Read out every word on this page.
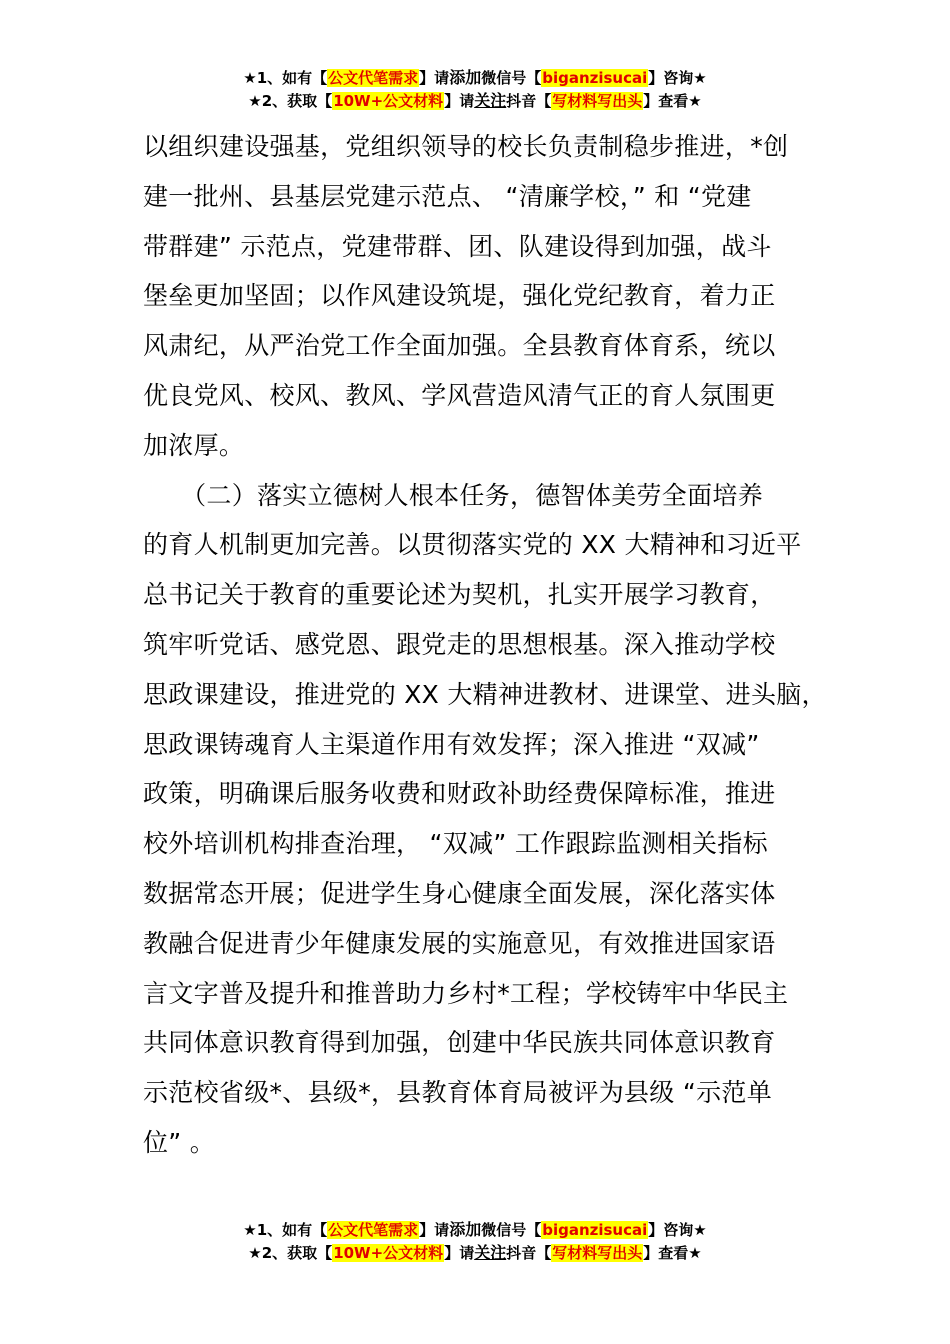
★1、如有【公文代笔需求】请添加微信号【biganzisucai】咨询★
★2、获取【10W+公文材料】请关注抖音【写材料写出头】查看★
以组织建设强基，党组织领导的校长负责制稳步推进，*创
建一批州、县基层党建示范点、 “清廉学校，” 和 “党建
带群建” 示范点，党建带群、团、队建设得到加强，战斗
堡垒更加坚固；以作风建设筑堤，强化党纪教育，着力正
风肃纪，从严治党工作全面加强。全县教育体育系，统以
优良党风、校风、教风、学风营造风清气正的育人氛围更
加浓厚。
　　（二）落实立德树人根本任务，德智体美劳全面培养
的育人机制更加完善。以贯彻落实党的 XX 大精神和习近平
总书记关于教育的重要论述为契机，扎实开展学习教育，
筑牢听党话、感党恩、跟党走的思想根基。深入推动学校
思政课建设，推进党的 XX 大精神进教材、进课堂、进头脑，
思政课铸魂育人主渠道作用有效发挥；深入推进 “双减”
政策，明确课后服务收费和财政补助经费保障标准，推进
校外培训机构排查治理， “双减” 工作跟踪监测相关指标
数据常态开展；促进学生身心健康全面发展，深化落实体
教融合促进青少年健康发展的实施意见，有效推进国家语
言文字普及提升和推普助力乡村*工程；学校铸牢中华民主
共同体意识教育得到加强，创建中华民族共同体意识教育
示范校省级*、县级*，县教育体育局被评为县级 “示范单
位” 。
★1、如有【公文代笔需求】请添加微信号【biganzisucai】咨询★
★2、获取【10W+公文材料】请关注抖音【写材料写出头】查看★
